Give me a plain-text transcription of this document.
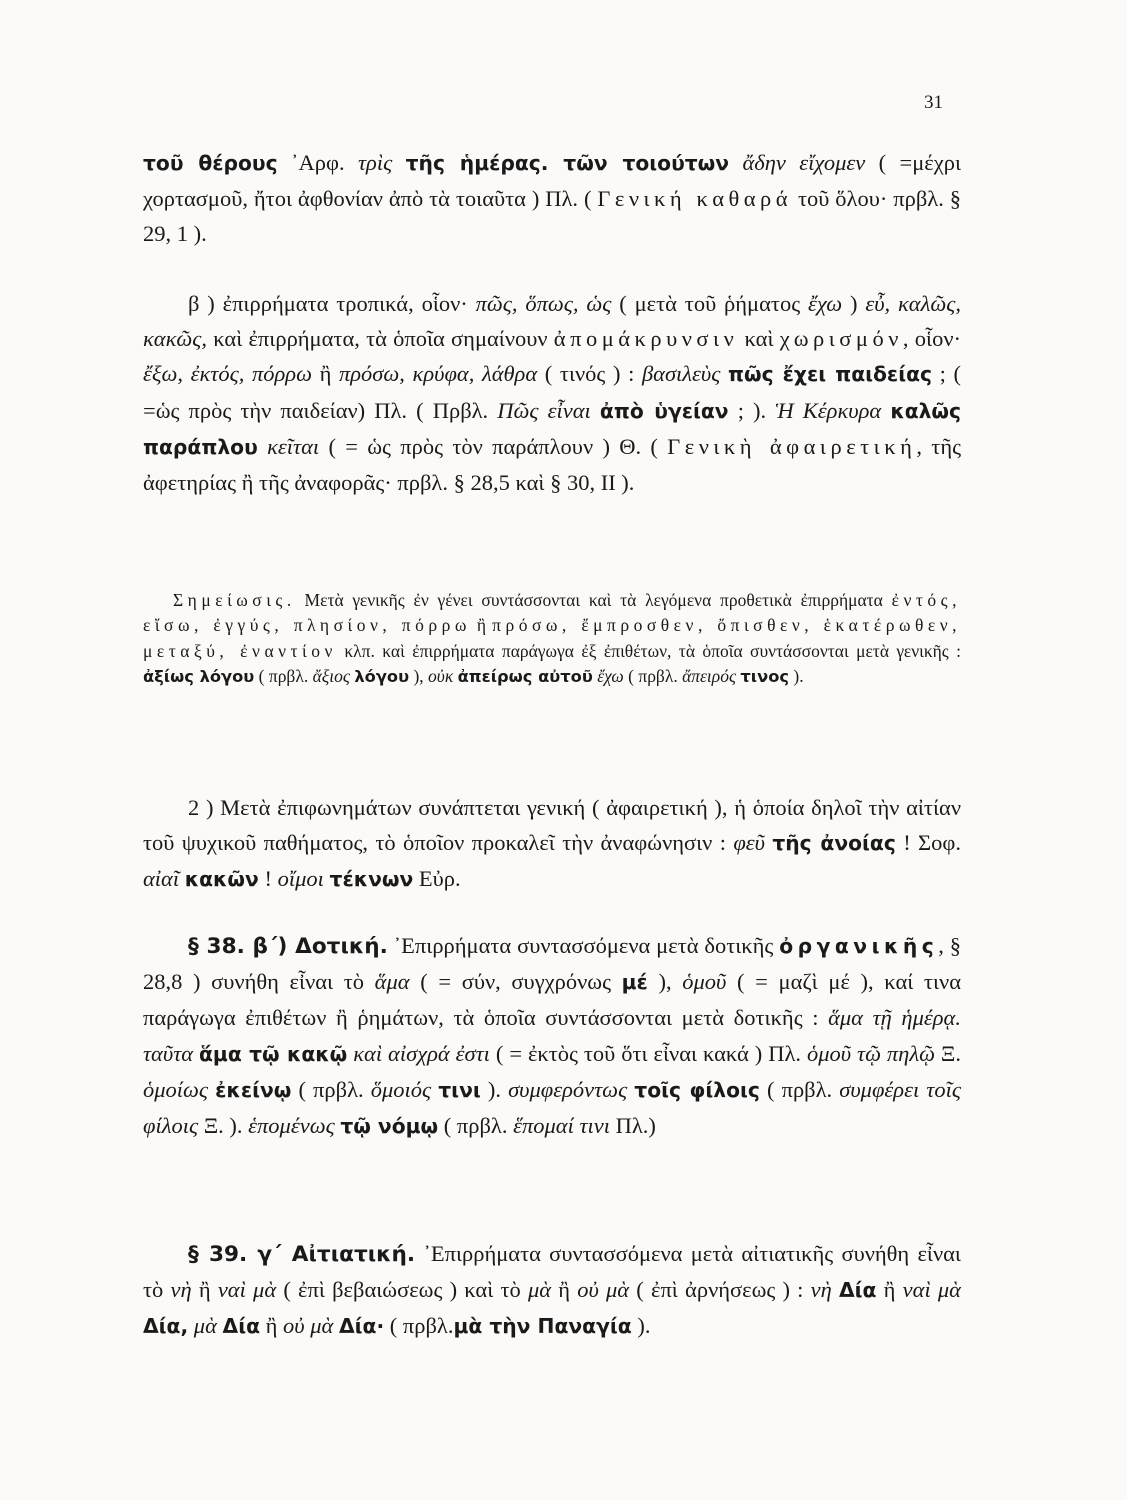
31

τοῦ θέρους ᾿Αρφ. τρὶς τῆς ἡμέρας. τῶν τοιούτων ἄδην εἴχομεν ( =μέχρι χορτασμοῦ, ἤτοι ἀφθονίαν ἀπὸ τὰ τοιαῦτα ) Πλ. ( Γενική καθαρά τοῦ ὅλου· πρβλ. § 29, 1 ).

β ) ἐπιρρήματα τροπικά, οἷον· πῶς, ὅπως, ὡς ( μετὰ τοῦ ῥήματος ἔχω ) εὖ, καλῶς, κακῶς, καὶ ἐπιρρήματα, τὰ ὁποῖα σημαίνουν ἀπομάκρυνσιν καὶ χωρισμόν, οἷον· ἔξω, ἐκτός, πόρρω ἢ πρόσω, κρύφα, λάθρα ( τινός ) : βασιλεὺς πῶς ἔχει παιδείας ; ( =ὡς πρὸς τὴν παιδείαν) Πλ. ( Πρβλ. Πῶς εἶναι ἀπὸ ὑγείαν ; ). Ἡ Κέρκυρα καλῶς παράπλου κεῖται ( = ὡς πρὸς τὸν παράπλουν ) Θ. ( Γενικὴ ἀφαιρετική, τῆς ἀφετηρίας ἢ τῆς ἀναφορᾶς· πρβλ. § 28,5 καὶ § 30, ΙΙ ).

Σημείωσις. Μετὰ γενικῆς ἐν γένει συντάσσονται καὶ τὰ λεγόμενα προθετικὰ ἐπιρρήματα ἐντός, εἴσω, ἐγγύς, πλησίον, πόρρω ἢ πρόσω, ἔμπροσθεν, ὄπισθεν, ἑκατέρωθεν, μεταξύ, ἐναντίον κλπ. καὶ ἐπιρρήματα παράγωγα ἐξ ἐπιθέτων, τὰ ὁποῖα συντάσσονται μετὰ γενικῆς : ἀξίως λόγου ( πρβλ. ἄξιος λόγου ), οὐκ ἀπείρως αὐτοῦ ἔχω ( πρβλ. ἄπειρός τινος ).

2 ) Μετὰ ἐπιφωνημάτων συνάπτεται γενική ( ἀφαιρετική ), ἡ ὁποία δηλοῖ τὴν αἰτίαν τοῦ ψυχικοῦ παθήματος, τὸ ὁποῖον προκαλεῖ τὴν ἀναφώνησιν : φεῦ τῆς ἀνοίας ! Σοφ. αἰαῖ κακῶν ! οἴμοι τέκνων Εὐρ.

§ 38. β΄) Δοτική. ᾿Επιρρήματα συντασσόμενα μετὰ δοτικῆς ὀργανικῆς, § 28,8 ) συνήθη εἶναι τὸ ἅμα ( = σύν, συγχρόνως μέ ), ὁμοῦ ( = μαζὶ μέ ), καί τινα παράγωγα ἐπιθέτων ἢ ῥημάτων, τὰ ὁποῖα συντάσσονται μετὰ δοτικῆς : ἅμα τῇ ἡμέρᾳ. ταῦτα ἅμα τῷ κακῷ καὶ αἰσχρά ἐστι ( = ἐκτὸς τοῦ ὅτι εἶναι κακά ) Πλ. ὁμοῦ τῷ πηλῷ Ξ. ὁμοίως ἐκείνῳ ( πρβλ. ὅμοιός τινι ). συμφερόντως τοῖς φίλοις ( πρβλ. συμφέρει τοῖς φίλοις Ξ. ). ἑπομένως τῷ νόμῳ ( πρβλ. ἕπομαί τινι Πλ.)

§ 39. γ΄ Αἰτιατική. ᾿Επιρρήματα συντασσόμενα μετὰ αἰτιατικῆς συνήθη εἶναι τὸ νὴ ἢ ναὶ μὰ ( ἐπὶ βεβαιώσεως ) καὶ τὸ μὰ ἢ οὐ μὰ ( ἐπὶ ἀρνήσεως ) : νὴ Δία ἢ ναὶ μὰ Δία, μὰ Δία ἢ οὐ μὰ Δία· ( πρβλ.μὰ τὴν Παναγία ).
